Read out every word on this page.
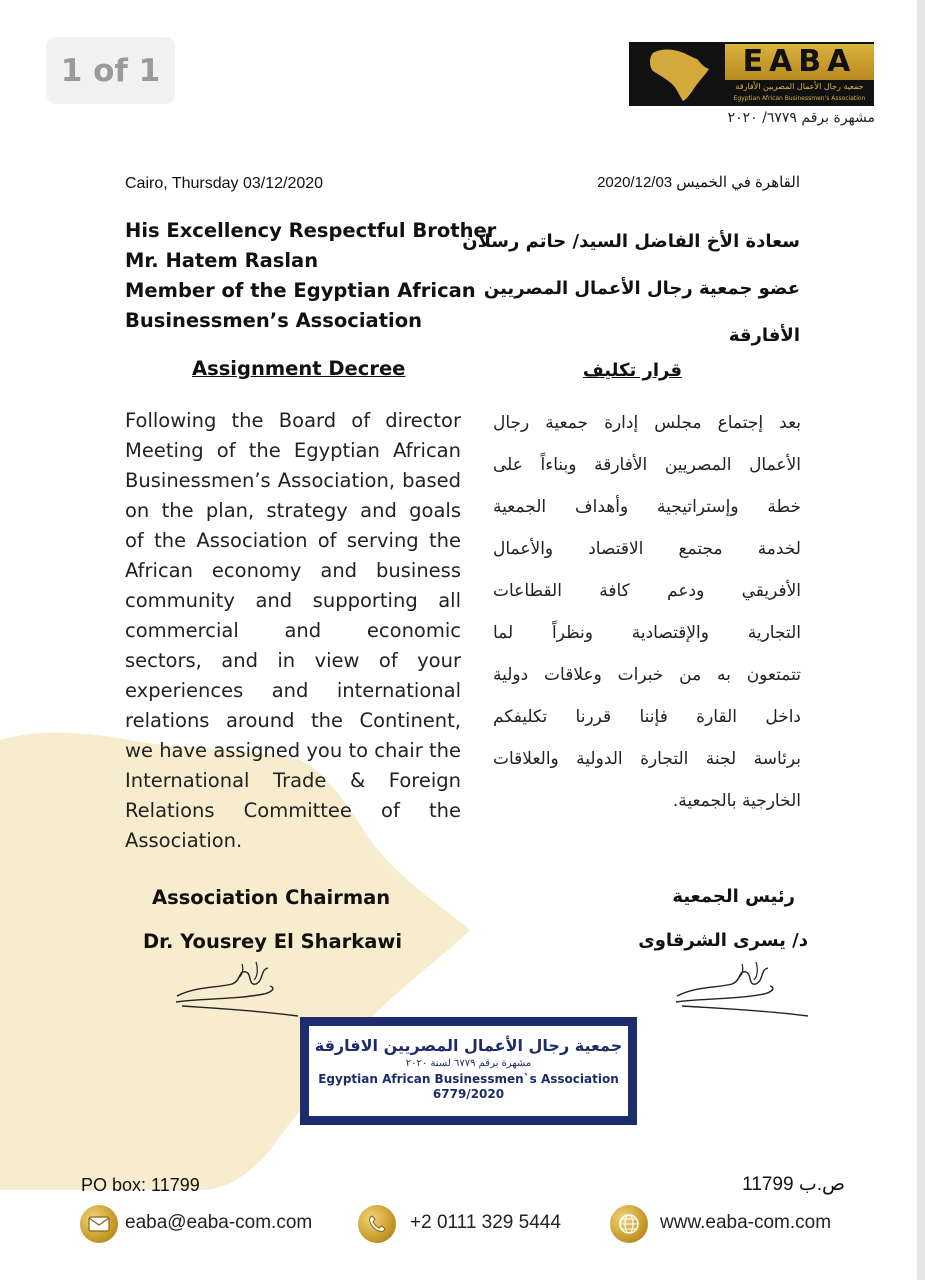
1 of 1	EABA
جمعية رجال الأعمال المصريين الأفارقة
Egyptian African Businessmen's Association
مشهرة برقم ٦٧٧٩/ ٢٠٢٠
Cairo, Thursday 03/12/2020	القاهرة في الخميس 2020/12/03
His Excellency Respectful Brother
Mr. Hatem Raslan
Member of the Egyptian African
Businessmen’s Association
سعادة الأخ الفاضل السيد/ حاتم رسلان
عضو جمعية رجال الأعمال المصريين
الأفارقة
Assignment Decree	قرار تكليف
Following the Board of director
Meeting of the Egyptian African
Businessmen’s Association, based
on the plan, strategy and goals
of the Association of serving the
African economy and business
community and supporting all
commercial and economic
sectors, and in view of your
experiences and international
relations around the Continent,
we have assigned you to chair the
International Trade & Foreign
Relations Committee of the
Association.
بعد إجتماع مجلس إدارة جمعية رجال
الأعمال المصريين الأفارقة وبناءاً على
خطة وإستراتيجية وأهداف الجمعية
لخدمة مجتمع الاقتصاد والأعمال
الأفريقي ودعم كافة القطاعات
التجارية والإقتصادية ونظراً لما
تتمتعون به من خبرات وعلاقات دولية
داخل القارة فإننا قررنا تكليفكم
برئاسة لجنة التجارة الدولية والعلاقات
الخارجية بالجمعية.
Association Chairman
Dr. Yousrey El Sharkawi
رئيس الجمعية
د/ يسرى الشرقاوى
جمعية رجال الأعمال المصريين الافارقة
مشهرة برقم ٦٧٧٩ لسنة ٢٠٢٠
Egyptian African Businessmen`s Association
6779/2020
PO box: 11799	ص.ب 11799
eaba@eaba-com.com	+2 0111 329 5444	www.eaba-com.com
